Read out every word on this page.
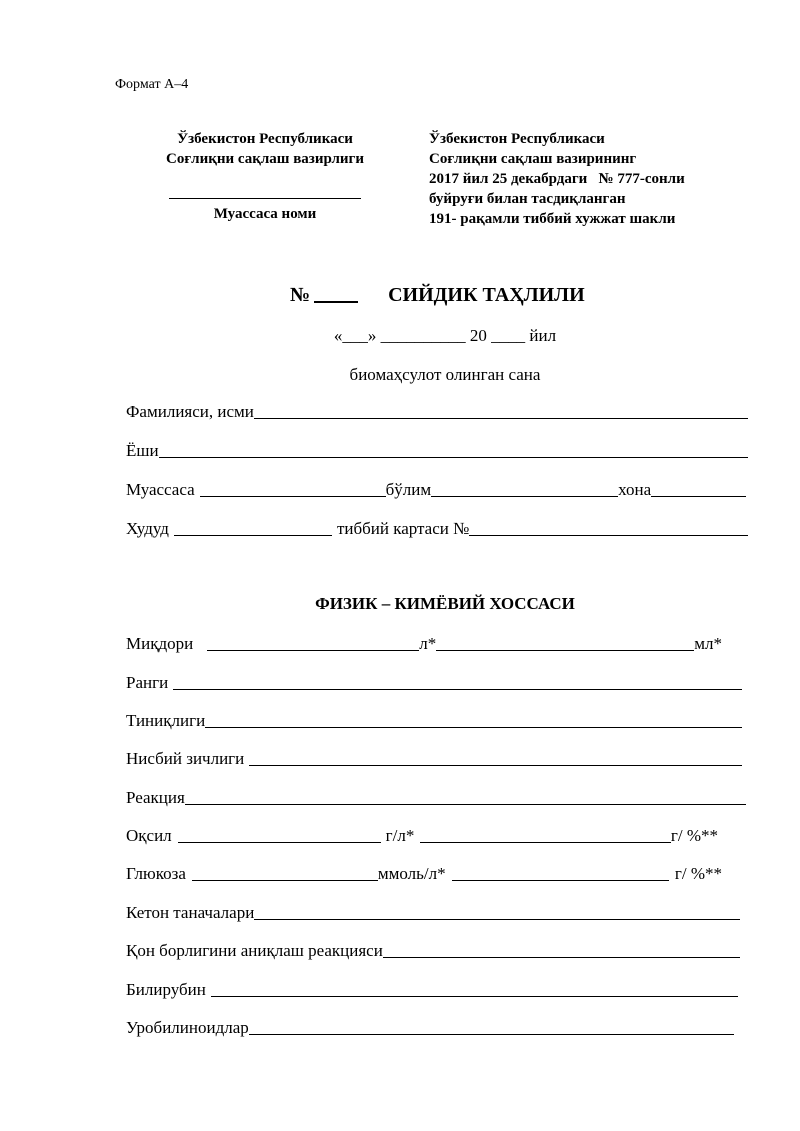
Формат А–4
Ўзбекистон Республикаси
Соғлиқни сақлаш вазирлиги
Муассаса номи
Ўзбекистон Республикаси
Соғлиқни сақлаш вазирининг
2017 йил 25 декабрдаги   № 777-сонли
буйруғи билан тасдиқланган
191- рақамли тиббий хужжат шакли
№	СИЙДИК ТАҲЛИЛИ
«___» __________ 20 ____ йил
биомаҳсулот олинган сана
Фамилияси, исми
Ёши
Муассаса	бўлим	хона
Худуд	тиббий картаси №
ФИЗИК – КИМЁВИЙ ХОССАСИ
Миқдори	л*	мл*
Ранги
Тиниқлиги
Нисбий зичлиги
Реакция
Оқсил	г/л*	г/ %**
Глюкоза	ммоль/л*	г/ %**
Кетон таначалари
Қон борлигини аниқлаш реакцияси
Билирубин
Уробилиноидлар
